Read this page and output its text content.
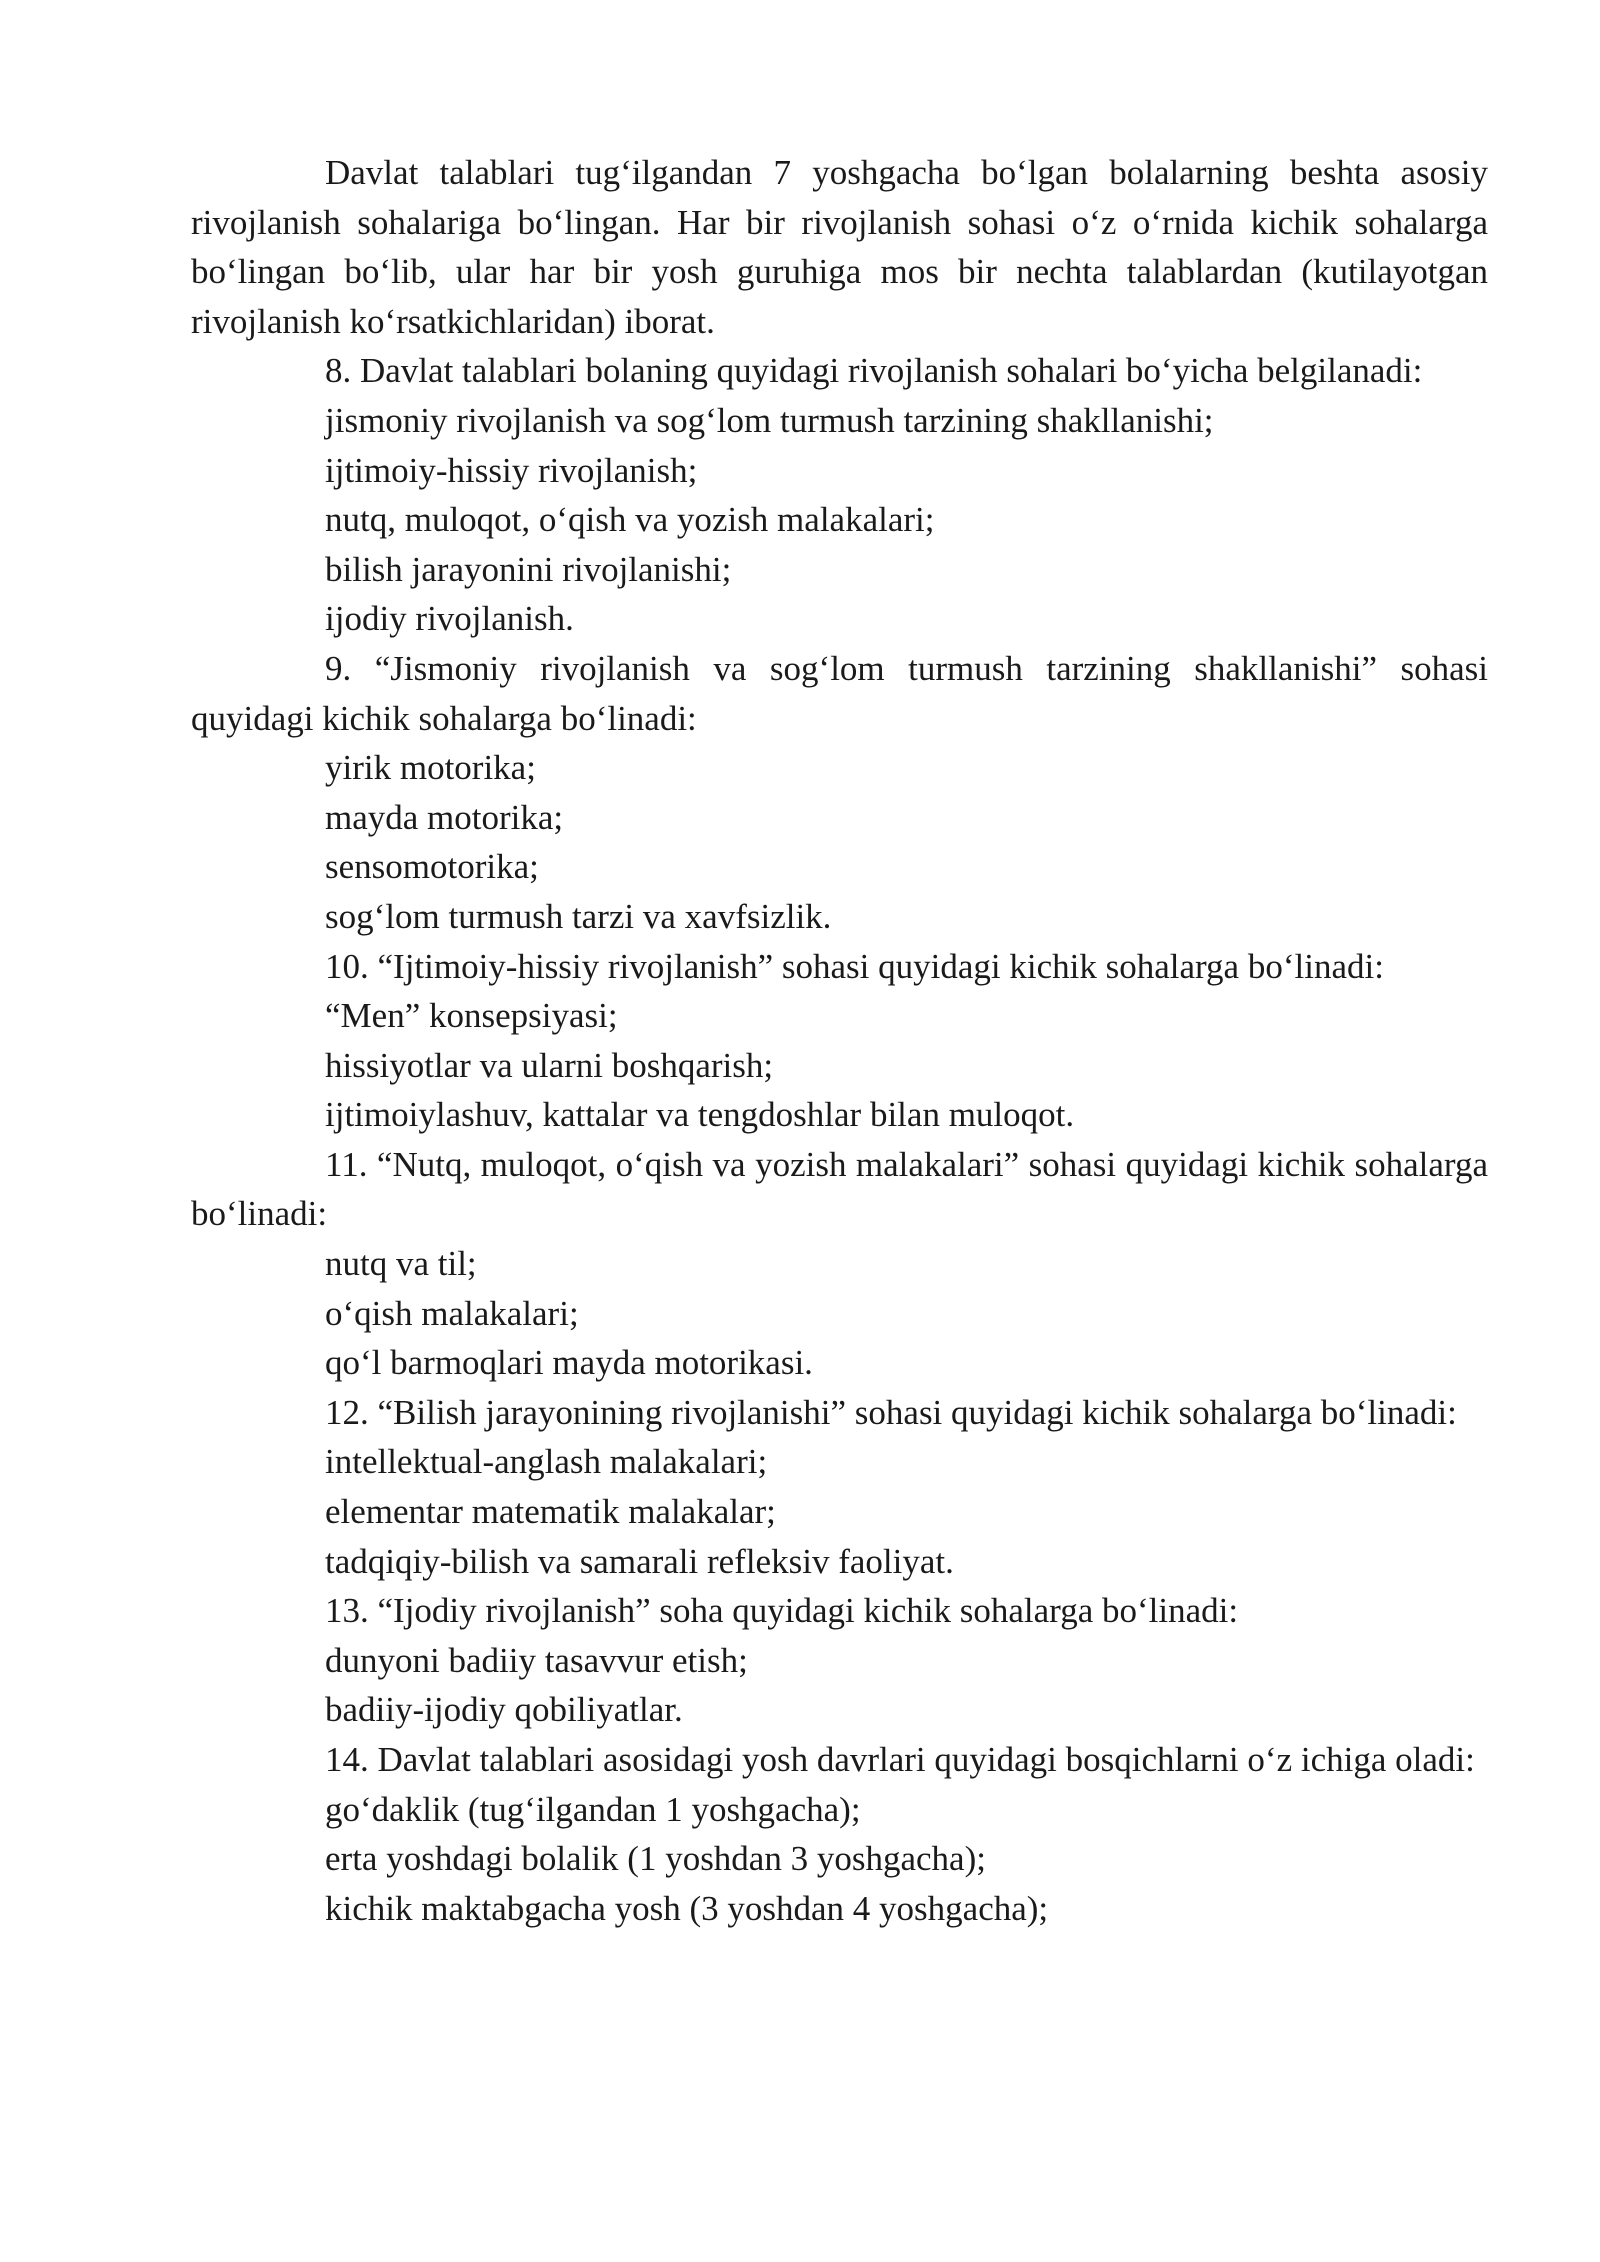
Davlat talablari tug‘ilgandan 7 yoshgacha bo‘lgan bolalarning beshta asosiy rivojlanish sohalariga bo‘lingan. Har bir rivojlanish sohasi o‘z o‘rnida kichik sohalarga bo‘lingan bo‘lib, ular har bir yosh guruhiga mos bir nechta talablardan (kutilayotgan rivojlanish ko‘rsatkichlaridan) iborat.

8. Davlat talablari bolaning quyidagi rivojlanish sohalari bo‘yicha belgilanadi:

jismoniy rivojlanish va sog‘lom turmush tarzining shakllanishi;
ijtimoiy-hissiy rivojlanish;
nutq, muloqot, o‘qish va yozish malakalari;
bilish jarayonini rivojlanishi;
ijodiy rivojlanish.

9. “Jismoniy rivojlanish va sog‘lom turmush tarzining shakllanishi” sohasi quyidagi kichik sohalarga bo‘linadi:

yirik motorika;
mayda motorika;
sensomotorika;
sog‘lom turmush tarzi va xavfsizlik.
10. “Ijtimoiy-hissiy rivojlanish” sohasi quyidagi kichik sohalarga bo‘linadi:
“Men” konsepsiyasi;
hissiyotlar va ularni boshqarish;
ijtimoiylashuv, kattalar va tengdoshlar bilan muloqot.

11. “Nutq, muloqot, o‘qish va yozish malakalari” sohasi quyidagi kichik sohalarga bo‘linadi:

nutq va til;
o‘qish malakalari;
qo‘l barmoqlari mayda motorikasi.

12. “Bilish jarayonining rivojlanishi” sohasi quyidagi kichik sohalarga bo‘linadi:

intellektual-anglash malakalari;
elementar matematik malakalar;
tadqiqiy-bilish va samarali refleksiv faoliyat.
13. “Ijodiy rivojlanish” soha quyidagi kichik sohalarga bo‘linadi:
dunyoni badiiy tasavvur etish;
badiiy-ijodiy qobiliyatlar.

14. Davlat talablari asosidagi yosh davrlari quyidagi bosqichlarni o‘z ichiga oladi:

go‘daklik (tug‘ilgandan 1 yoshgacha);
erta yoshdagi bolalik (1 yoshdan 3 yoshgacha);
kichik maktabgacha yosh (3 yoshdan 4 yoshgacha);
